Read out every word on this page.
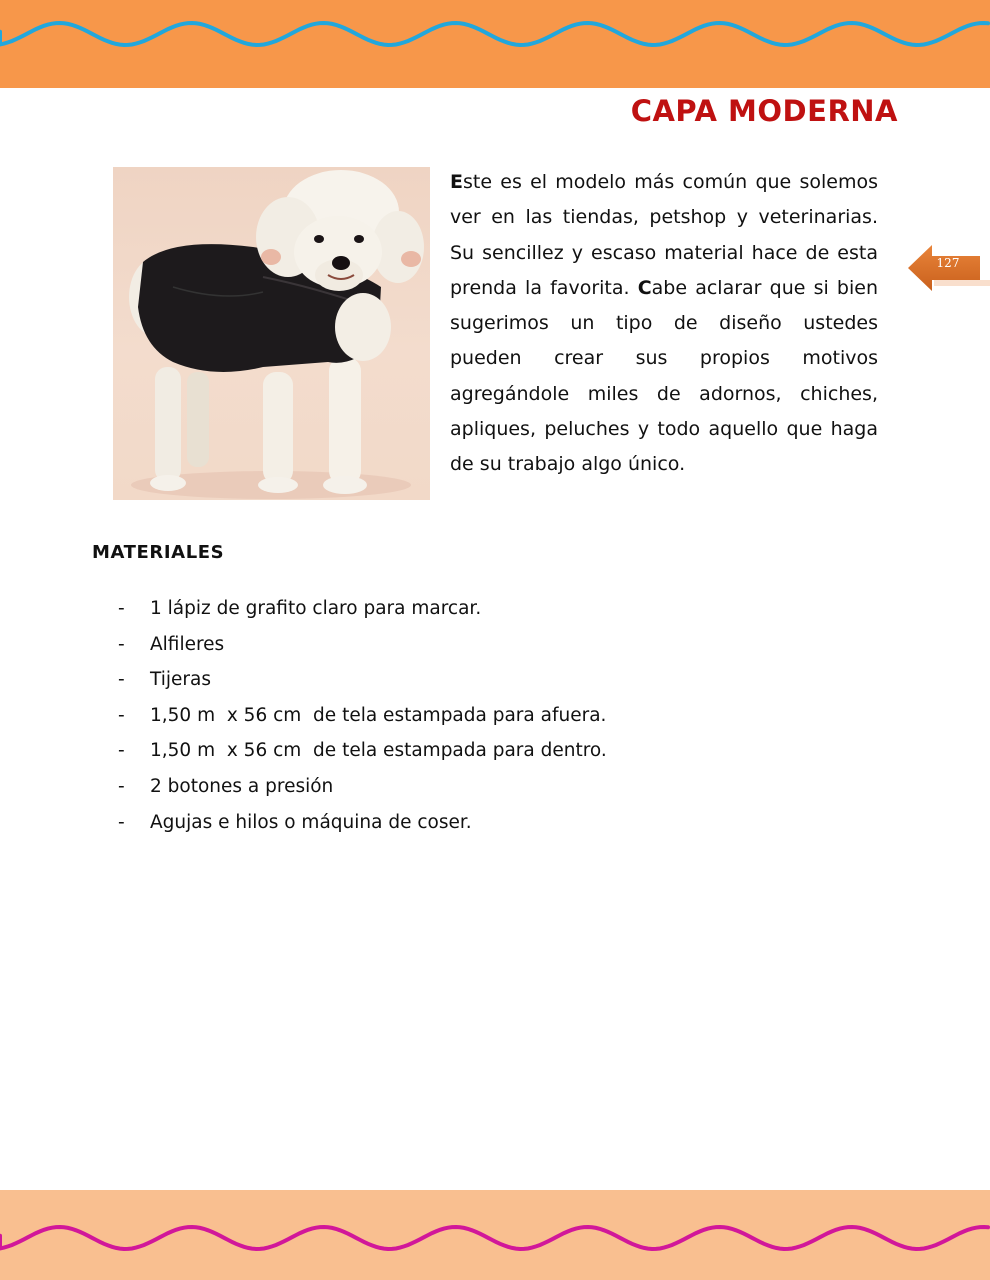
CAPA MODERNA

Este es el modelo más común que solemos ver en las tiendas, petshop y veterinarias. Su sencillez y escaso material hace de esta prenda la favorita. Cabe aclarar que si bien sugerimos un tipo de diseño ustedes pueden crear sus propios motivos agregándole miles de adornos, chiches, apliques, peluches y todo aquello que haga de su trabajo algo único.

127
MATERIALES
- 1 lápiz de grafito claro para marcar.
- Alfileres
- Tijeras
- 1,50 m  x 56 cm  de tela estampada para afuera.
- 1,50 m  x 56 cm  de tela estampada para dentro.
- 2 botones a presión
- Agujas e hilos o máquina de coser.
